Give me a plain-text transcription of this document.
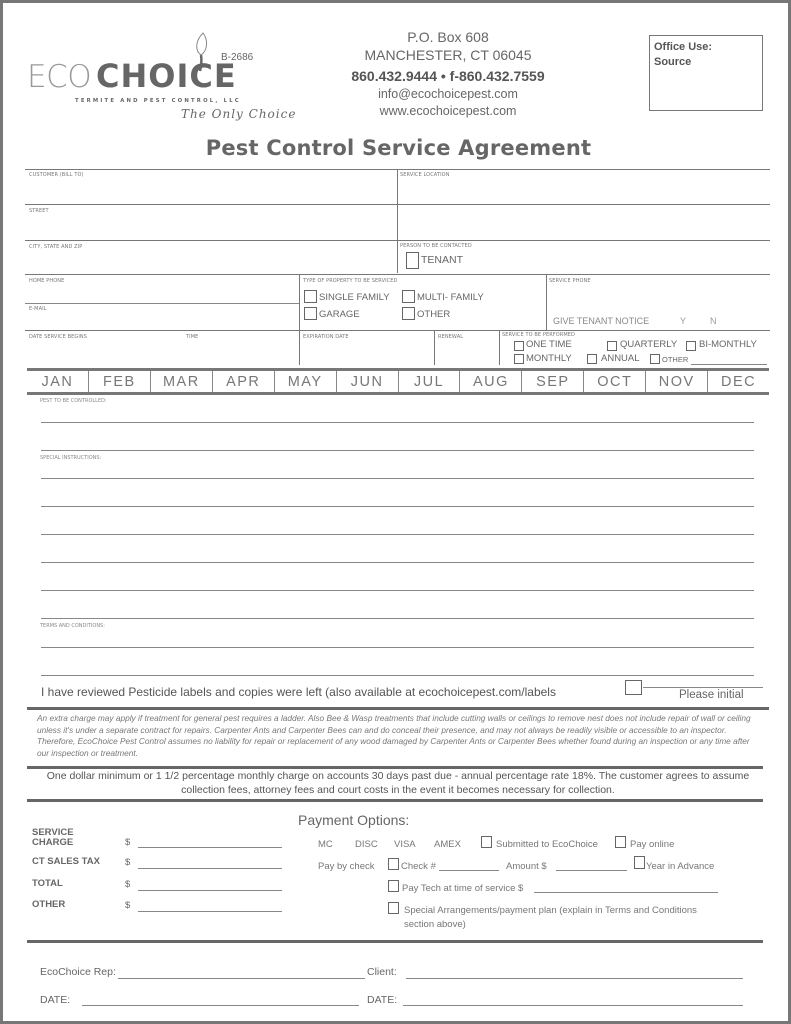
B-2686
ECO CHOICE
TERMITE AND PEST CONTROL, LLC
The Only Choice
P.O. Box 608
MANCHESTER, CT 06045
860.432.9444 • f-860.432.7559
info@ecochoicepest.com
www.ecochoicepest.com
Office Use:
Source
Pest Control Service Agreement
CUSTOMER (BILL TO)	SERVICE LOCATION
STREET
CITY, STATE AND ZIP	PERSON TO BE CONTACTED
TENANT
HOME PHONE
E-MAIL
TYPE OF PROPERTY TO BE SERVICED
SINGLE FAMILY	MULTI- FAMILY
GARAGE	OTHER
SERVICE PHONE
GIVE TENANT NOTICE	Y	N
DATE SERVICE BEGINS	TIME	EXPIRATION DATE	RENEWAL	SERVICE TO BE PERFORMED
ONE TIME	QUARTERLY BI-MONTHLY
MONTHLY	ANNUAL	OTHER
JAN	FEB	MAR	APR	MAY	JUN	JUL	AUG	SEP	OCT	NOV	DEC
PEST TO BE CONTROLLED:
SPECIAL INSTRUCTIONS:
TERMS AND CONDITIONS:
I have reviewed Pesticide labels and copies were left (also available at ecochoicepest.com/labels	Please initial
An extra charge may apply if treatment for general pest requires a ladder. Also Bee & Wasp treatments that include cutting walls or ceilings to remove nest does not include repair of wall or ceiling unless it's under a separate contract for repairs. Carpenter Ants and Carpenter Bees can and do conceal their presence, and may not always be readily visible or accessible to an inspector. Therefore, EcoChoice Pest Control assumes no liability for repair or replacement of any wood damaged by Carpenter Ants or Carpenter Bees whether found during an inspection or any time after our inspection or treatment.
One dollar minimum or 1 1/2 percentage monthly charge on accounts 30 days past due - annual percentage rate 18%. The customer agrees to assume collection fees, attorney fees and court costs in the event it becomes necessary for collection.
Payment Options:
SERVICE
CHARGE	$
CT SALES TAX	$
TOTAL	$
OTHER	$
MC DISC VISA AMEX	Submitted to EcoChoice	Pay online
Pay by check	Check #	Amount $	Year in Advance
Pay Tech at time of service $
Special Arrangements/payment plan (explain in Terms and Conditions
section above)
EcoChoice Rep:	Client:
DATE:	DATE:
